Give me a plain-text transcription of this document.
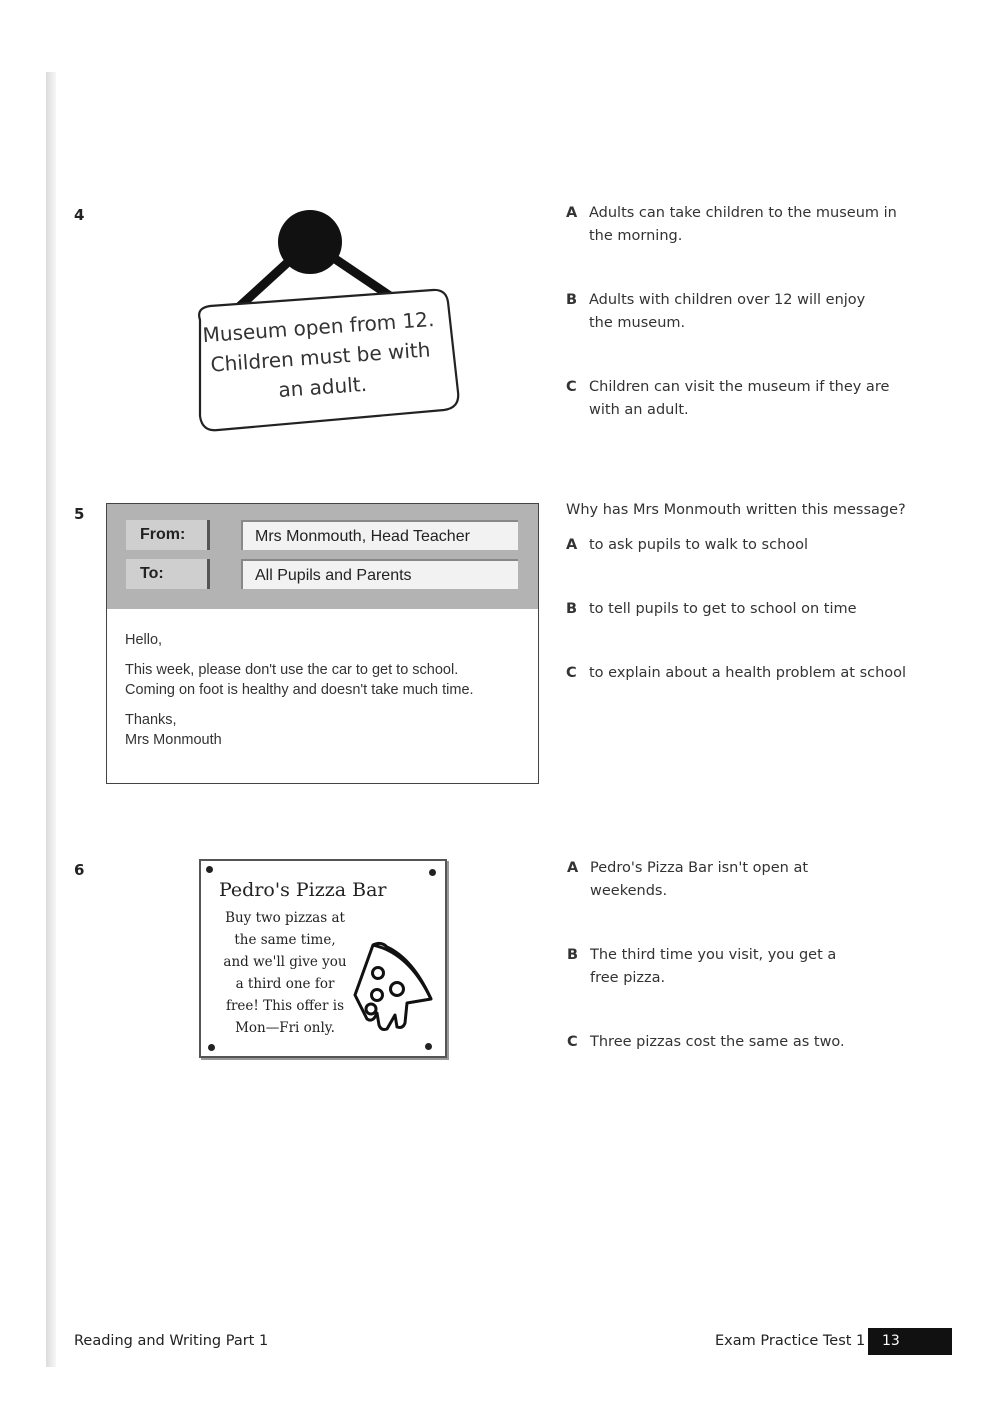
4
Museum open from 12.
Children must be with
an adult.
A Adults can take children to the museum in
the morning.
B Adults with children over 12 will enjoy
the museum.
C Children can visit the museum if they are
with an adult.
5
From:	Mrs Monmouth, Head Teacher
To:	All Pupils and Parents

Hello,

This week, please don't use the car to get to school.

Coming on foot is healthy and doesn't take much time.

Thanks,

Mrs Monmouth

Why has Mrs Monmouth written this message?
A to ask pupils to walk to school
B to tell pupils to get to school on time
C to explain about a health problem at school
6
Pedro's Pizza Bar
Buy two pizzas at
the same time,
and we'll give you
a third one for
free! This offer is
Mon—Fri only.
A Pedro's Pizza Bar isn't open at
weekends.
B The third time you visit, you get a
free pizza.
C Three pizzas cost the same as two.
Reading and Writing Part 1	Exam Practice Test 1	13
